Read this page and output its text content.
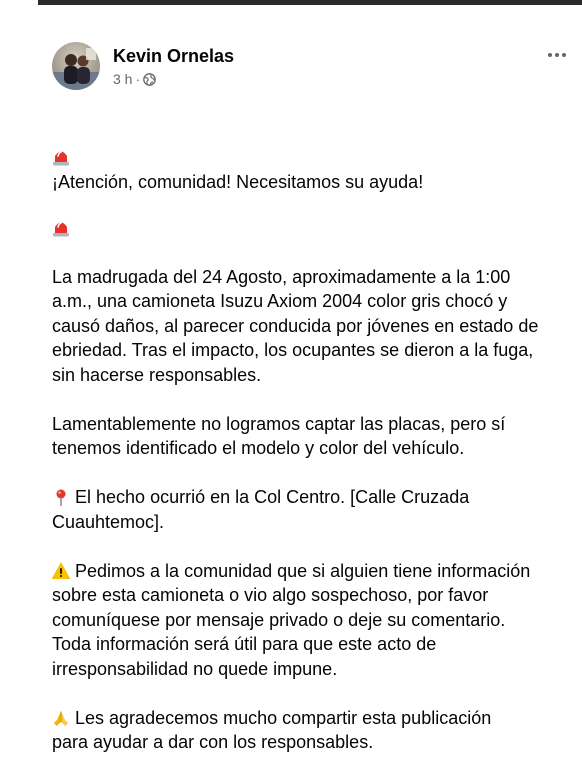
Kevin Ornelas
3 h ·

¡Atención, comunidad! Necesitamos su ayuda!

La madrugada del 24 Agosto, aproximadamente a la 1:00
a.m., una camioneta Isuzu Axiom 2004 color gris chocó y
causó daños, al parecer conducida por jóvenes en estado de
ebriedad. Tras el impacto, los ocupantes se dieron a la fuga,
sin hacerse responsables.

Lamentablemente no logramos captar las placas, pero sí
tenemos identificado el modelo y color del vehículo.

El hecho ocurrió en la Col Centro. [Calle Cruzada
Cuauhtemoc].

Pedimos a la comunidad que si alguien tiene información
sobre esta camioneta o vio algo sospechoso, por favor
comuníquese por mensaje privado o deje su comentario.
Toda información será útil para que este acto de
irresponsabilidad no quede impune.

Les agradecemos mucho compartir esta publicación
para ayudar a dar con los responsables.
